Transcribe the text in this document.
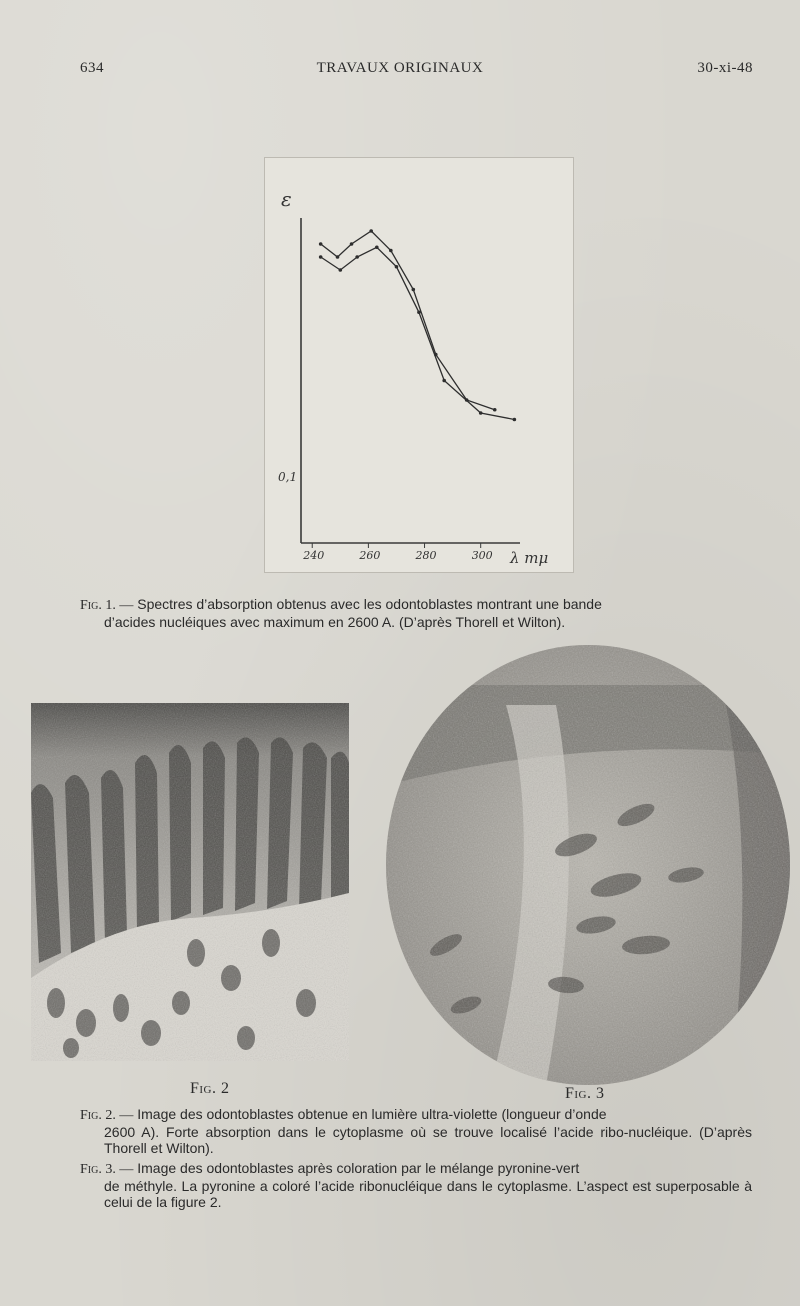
634	TRAVAUX ORIGINAUX	30-xi-48
ε
0,1
λ mμ
240	260	280	300
Fig. 1. — Spectres d’absorption obtenus avec les odontoblastes montrant une bande
d’acides nucléiques avec maximum en 2600 A. (D’après Thorell et Wilton).
Fig. 2	Fig. 3
Fig. 2. — Image des odontoblastes obtenue en lumière ultra-violette (longueur d’onde
2600 A). Forte absorption dans le cytoplasme où se trouve localisé l’acide ribo-nucléique. (D’après Thorell et Wilton).
Fig. 3. — Image des odontoblastes après coloration par le mélange pyronine-vert
de méthyle. La pyronine a coloré l’acide ribonucléique dans le cytoplasme. L’aspect est superposable à celui de la figure 2.
